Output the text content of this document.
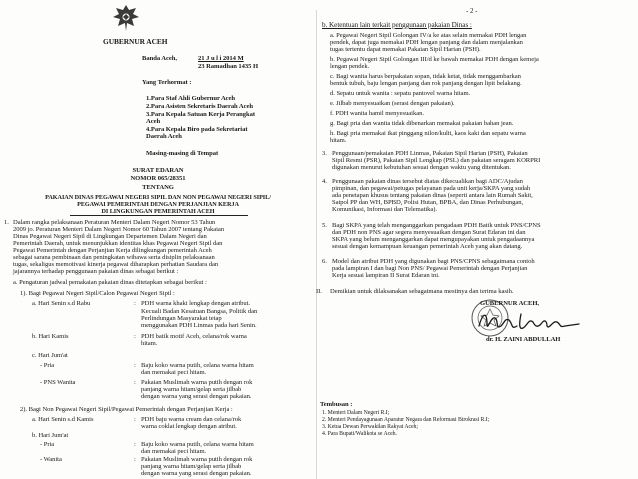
GUBERNUR ACEH
Banda Aceh,	21 J u l i 2014 M
23 Ramadhan 1435 H
Yang Terhormat :
1.Para Staf Ahli Gubernur Aceh
2.Para Asisten Sekretaris Daerah Aceh
3.Para Kepala Satuan Kerja Perangkat
Aceh
4.Para Kepala Biro pada Sekretariat
Daerah Aceh
Masing-masing di Tempat
SURAT EDARAN
NOMOR 065/28351
TENTANG
PAKAIAN DINAS PEGAWAI NEGERI SIPIL DAN NON PEGAWAI NEGERI SIPIL/
PEGAWAI PEMERINTAH DENGAN PERJANJIAN KERJA
DI LINGKUNGAN PEMERINTAH ACEH
1. Dalam rangka pelaksanaan Peraturan Menteri Dalam Negeri Nomor 53 Tahun
2009 jo. Peraturan Menteri Dalam Negeri Nomor 60 Tahun 2007 tentang Pakaian
Dinas Pegawai Negeri Sipil di Lingkungan Departemen Dalam Negeri dan
Pemerintah Daerah, untuk menunjukkan identitas khas Pegawai Negeri Sipil dan
Pegawai Pemerintah dengan Perjanjian Kerja dilingkungan pemerintah Aceh
sebagai sarana pembinaan dan peningkatan wibawa serta disiplin pelaksanaan
tugas, sekaligus memotivasi kinerja pegawai diharapkan perhatian Saudara dan
jajarannya terhadap penggunaan pakaian dinas sebagai berikut :
a. Pengaturan jadwal pemakaian pakaian dinas ditetapkan sebagai berikut :
1). Bagi Pegawai Negeri Sipil/Calon Pegawai Negeri Sipil :
a. Hari Senin s.d Rabu	: PDH warna khaki lengkap dengan atribut.
Kecuali Badan Kesatuan Bangsa, Politik dan
Perlindungan Masyarakat tetap
menggunakan PDH Linmas pada hari Senin.
b. Hari Kamis	: PDH batik motif Aceh, celana/rok warna
hitam.
c. Hari Jum'at
- Pria	: Baju koko warna putih, celana warna hitam
dan memakai peci hitam.
- PNS Wanita	: Pakaian Muslimah warna putih dengan rok
panjang warna hitam/gelap serta jilbab
dengan warna yang serasi dengan pakaian.
2). Bagi Non Pegawai Negeri Sipil/Pegawai Pemerintah dengan Perjanjian Kerja :
a. Hari Senin s.d Kamis	: PDH baju warna cream dan celana/rok
warna coklat lengkap dengan atribut.
b. Hari Jum'at
- Pria	: Baju koko warna putih, celana warna hitam
dan memakai peci hitam.
- Wanita	: Pakaian Muslimah warna putih dengan rok
panjang warna hitam/gelap serta jilbab
dengan warna yang serasi dengan pakaian.
- 2 -
b. Ketentuan lain terkait penggunaan pakaian Dinas :
a. Pegawai Negeri Sipil Golongan IV/a ke atas selain memakai PDH lengan
pendek, dapat juga memakai PDH lengan panjang dan dalam menjalankan
tugas tertentu dapat memakai Pakaian Sipil Harian (PSH).
b. Pegawai Negeri Sipil Golongan III/d ke bawah memakai PDH dengan kemeja
lengan pendek.
c. Bagi wanita harus berpakaian sopan, tidak ketat, tidak menggambarkan
bentuk tubuh, baju lengan panjang dan rok panjang dengan lipit belakang.
d. Sepatu untuk wanita : sepatu pantovel warna hitam.
e. Jilbab menyesuaikan (serasi dengan pakaian).
f. PDH wanita hamil menyesuaikan.
g. Bagi pria dan wanita tidak dibenarkan memakai pakaian bahan jean.
h. Bagi pria memakai ikat pinggang nilon/kulit, kaos kaki dan sepatu warna
hitam.
3. Penggunaan/pemakaian PDH Linmas, Pakaian Sipil Harian (PSH), Pakaian
Sipil Resmi (PSR), Pakaian Sipil Lengkap (PSL) dan pakaian seragam KORPRI
digunakan menurut kebutuhan sesuai dengan waktu yang ditentukan.
4. Penggunaan pakaian dinas tersebut diatas dikecualikan bagi ADC/Ajudan
pimpinan, dan pegawai/petugas pelayanan pada unit kerja/SKPA yang sudah
ada penetapan khusus tentang pakaian dinas (seperti antara lain Rumah Sakit,
Satpol PP dan WH, BPBD, Polisi Hutan, BPBA, dan Dinas Perhubungan,
Komunikasi, Informasi dan Telematika).
5. Bagi SKPA yang telah menganggarkan pengadaan PDH Batik untuk PNS/CPNS
dan PDH non PNS agar segera menyesuaikan dengan Surat Edaran ini dan
SKPA yang belum menganggarkan dapat mengupayakan untuk pengadaannya
sesuai dengan kemampuan keuangan pemerintah Aceh yang akan datang.
6. Model dan atribut PDH yang digunakan bagi PNS/CPNS sebagaimana contoh
pada lampiran I dan bagi Non PNS/ Pegawai Pemerintah dengan Perjanjian
Kerja sesuai lampiran II Surat Edaran ini.
II. Demikian untuk dilaksanakan sebagaimana mestinya dan terima kasih.
GUBERNUR ACEH,
dr. H. ZAINI ABDULLAH
Tembusan :
1. Menteri Dalam Negeri R.I;
2. Menteri Pendayagunaan Aparatur Negara dan Reformasi Birokrasi R.I;
3. Ketua Dewan Perwakilan Rakyat Aceh;
4. Para Bupati/Walikota se Aceh.
